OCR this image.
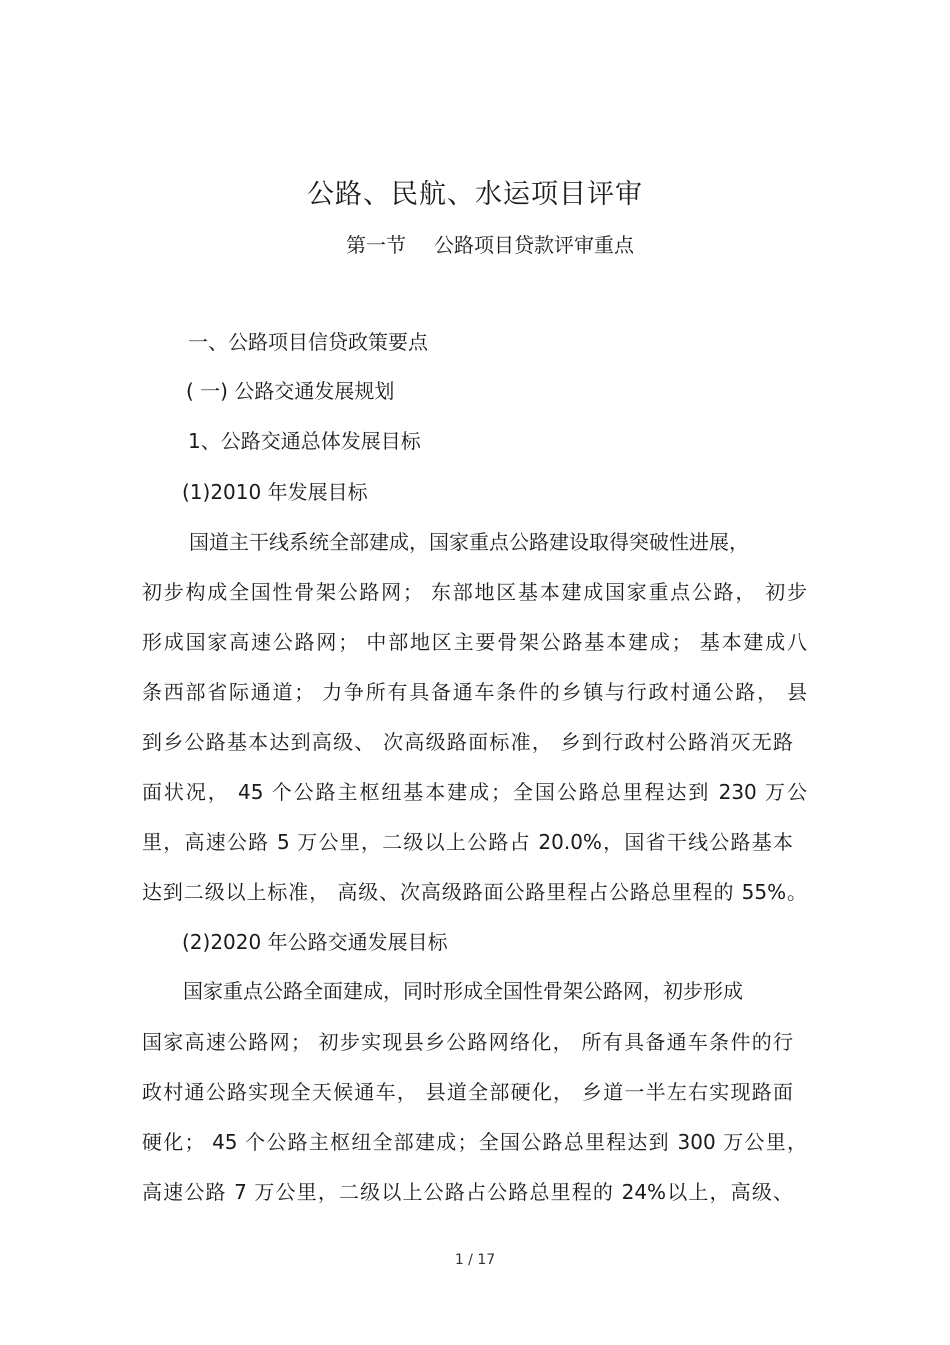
公路、民航、水运项目评审
第一节 公路项目贷款评审重点
一、公路项目信贷政策要点
( 一) 公路交通发展规划
1、公路交通总体发展目标
(1)2010 年发展目标
国道主干线系统全部建成，国家重点公路建设取得突破性进展，
初步构成全国性骨架公路网； 东部地区基本建成国家重点公路， 初步
形成国家高速公路网； 中部地区主要骨架公路基本建成； 基本建成八
条西部省际通道； 力争所有具备通车条件的乡镇与行政村通公路， 县
到乡公路基本达到高级、 次高级路面标准， 乡到行政村公路消灭无路
面状况， 45 个公路主枢纽基本建成；全国公路总里程达到 230 万公
里，高速公路 5 万公里，二级以上公路占 20.0%，国省干线公路基本
达到二级以上标准， 高级、次高级路面公路里程占公路总里程的 55%。
(2)2020 年公路交通发展目标
国家重点公路全面建成，同时形成全国性骨架公路网，初步形成
国家高速公路网； 初步实现县乡公路网络化， 所有具备通车条件的行
政村通公路实现全天候通车， 县道全部硬化， 乡道一半左右实现路面
硬化； 45 个公路主枢纽全部建成；全国公路总里程达到 300 万公里，
高速公路 7 万公里，二级以上公路占公路总里程的 24%以上，高级、
1 / 17
